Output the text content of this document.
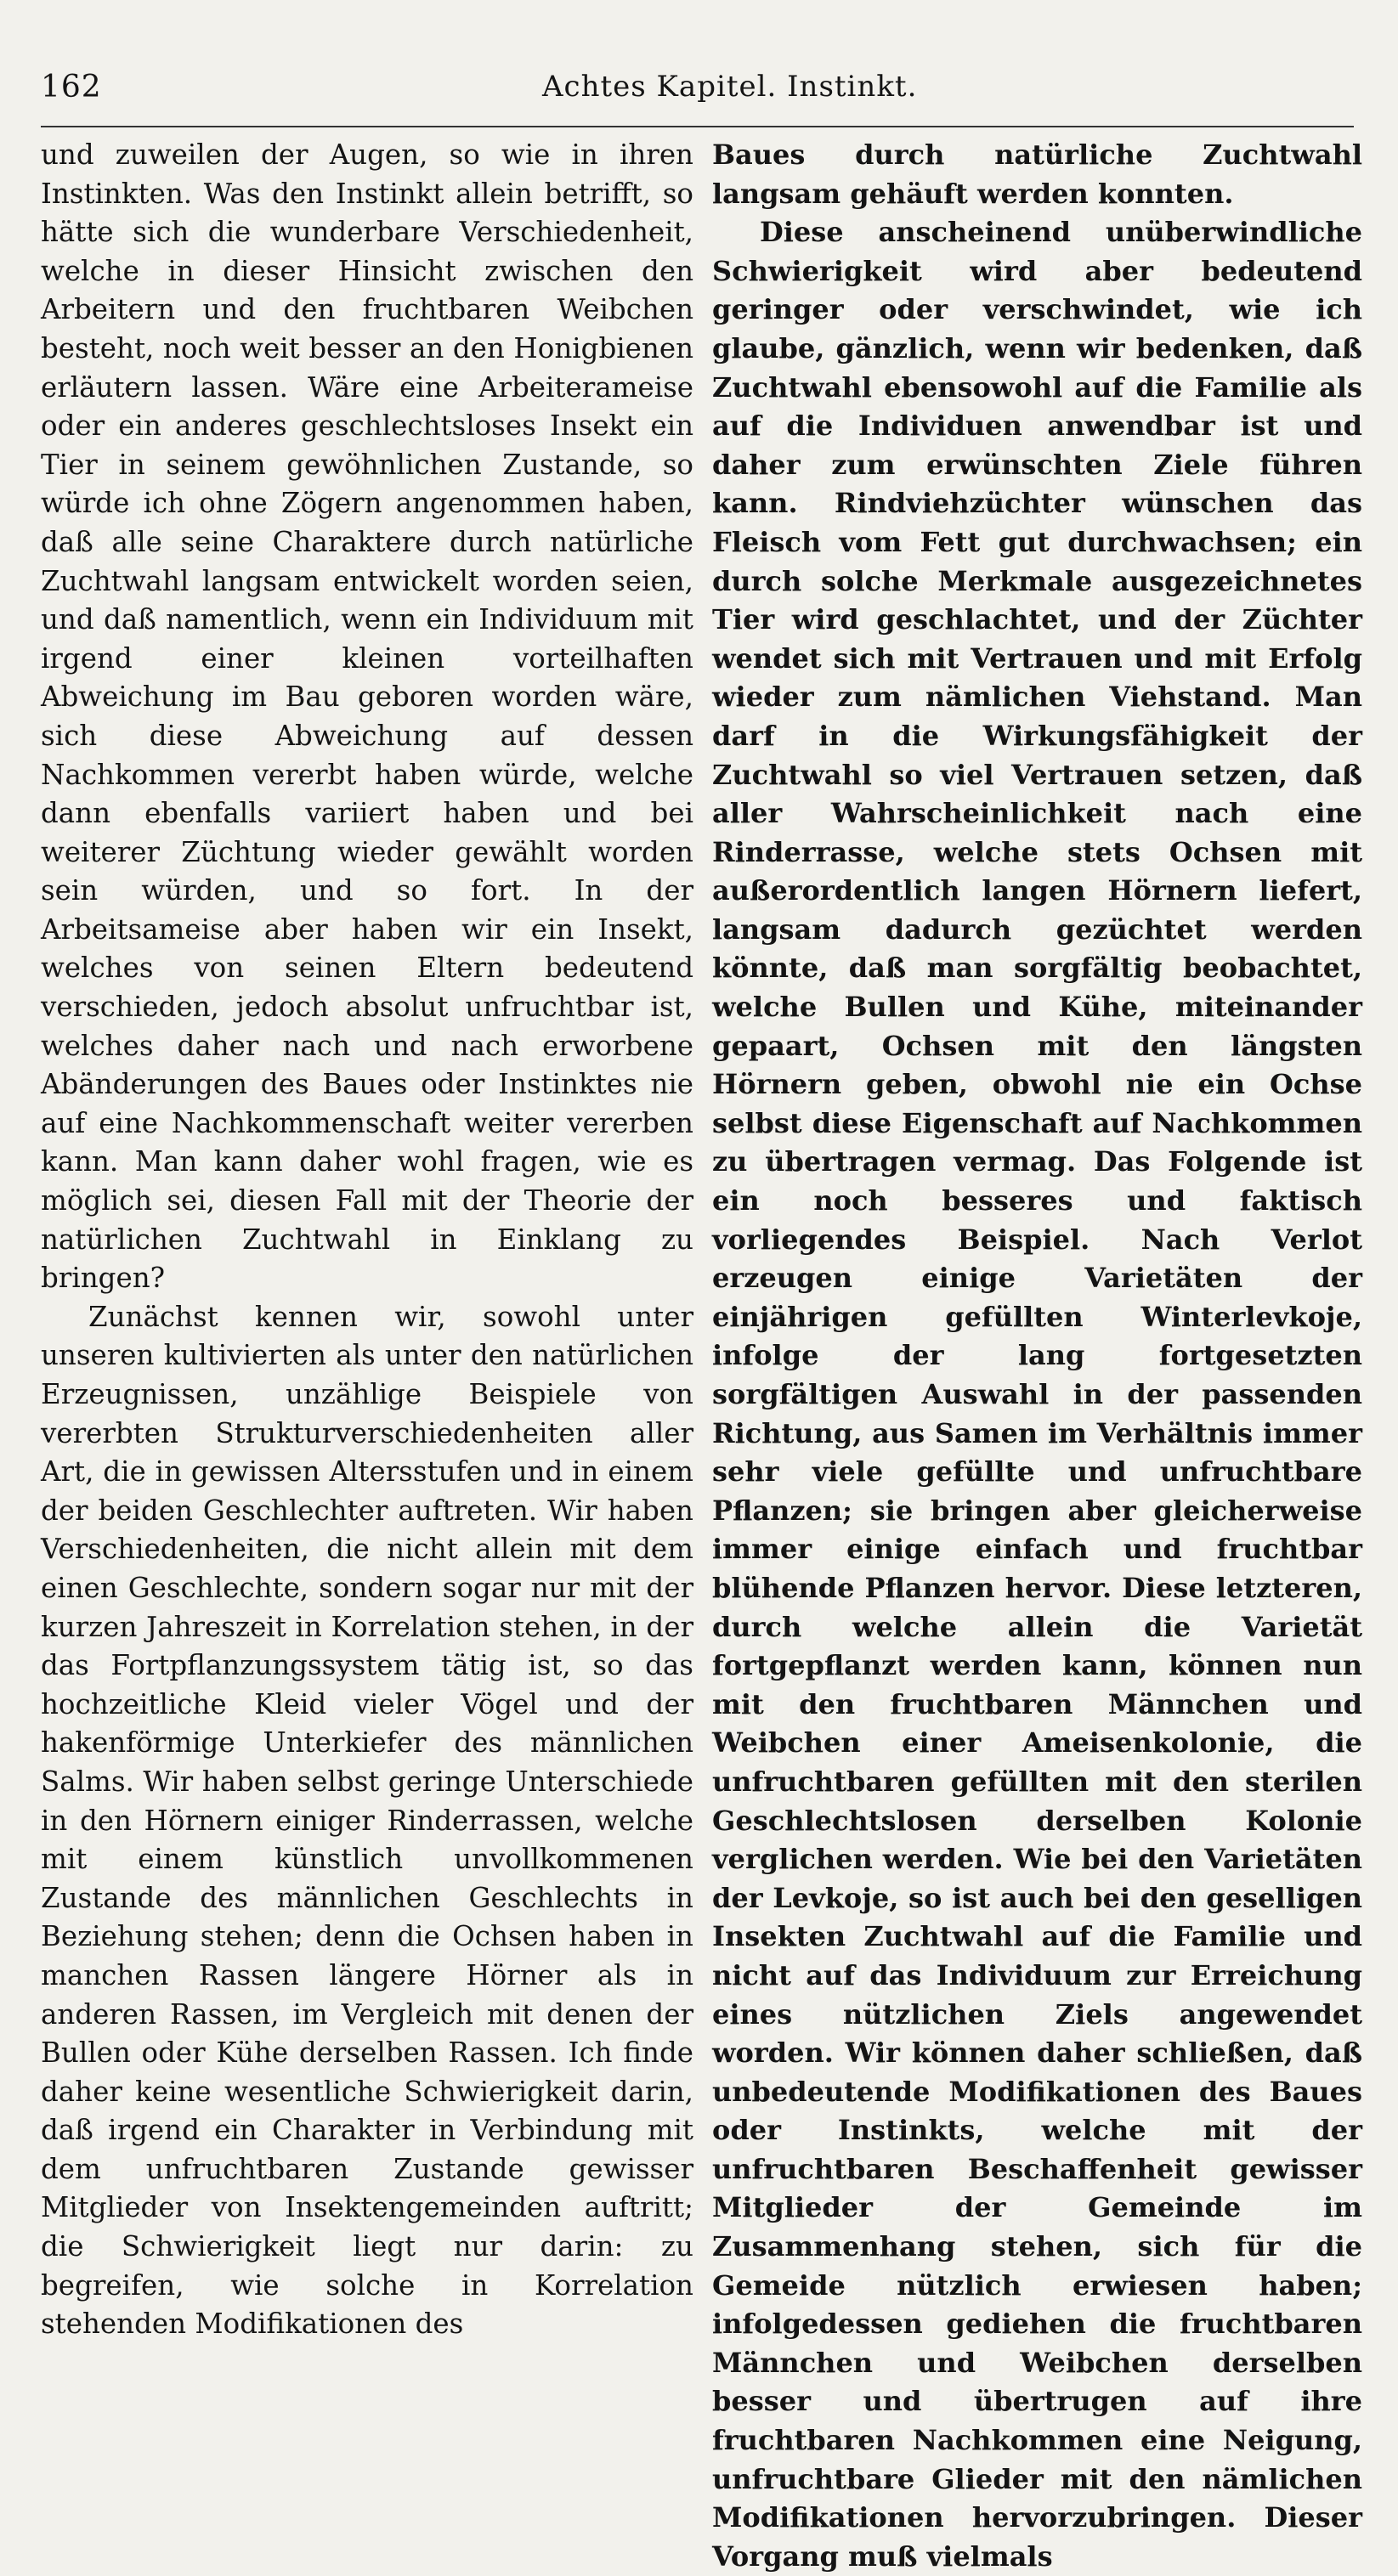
162	Achtes Kapitel. Instinkt.

und zuweilen der Augen, so wie in ihren Instinkten. Was den Instinkt allein betrifft, so hätte sich die wunderbare Verschiedenheit, welche in dieser Hinsicht zwischen den Arbeitern und den fruchtbaren Weibchen besteht, noch weit besser an den Honigbienen erläutern lassen. Wäre eine Arbeiterameise oder ein anderes geschlechtsloses Insekt ein Tier in seinem gewöhnlichen Zustande, so würde ich ohne Zögern angenommen haben, daß alle seine Charaktere durch natürliche Zuchtwahl langsam entwickelt worden seien, und daß namentlich, wenn ein Individuum mit irgend einer kleinen vorteilhaften Abweichung im Bau geboren worden wäre, sich diese Abweichung auf dessen Nachkommen vererbt haben würde, welche dann ebenfalls variiert haben und bei weiterer Züchtung wieder gewählt worden sein würden, und so fort. In der Arbeitsameise aber haben wir ein Insekt, welches von seinen Eltern bedeutend verschieden, jedoch absolut unfruchtbar ist, welches daher nach und nach erworbene Abänderungen des Baues oder Instinktes nie auf eine Nachkommenschaft weiter vererben kann. Man kann daher wohl fragen, wie es möglich sei, diesen Fall mit der Theorie der natürlichen Zuchtwahl in Einklang zu bringen?

Zunächst kennen wir, sowohl unter unseren kultivierten als unter den natürlichen Erzeugnissen, unzählige Beispiele von vererbten Strukturverschiedenheiten aller Art, die in gewissen Altersstufen und in einem der beiden Geschlechter auftreten. Wir haben Verschiedenheiten, die nicht allein mit dem einen Geschlechte, sondern sogar nur mit der kurzen Jahreszeit in Korrelation stehen, in der das Fortpflanzungssystem tätig ist, so das hochzeitliche Kleid vieler Vögel und der hakenförmige Unterkiefer des männlichen Salms. Wir haben selbst geringe Unterschiede in den Hörnern einiger Rinderrassen, welche mit einem künstlich unvollkommenen Zustande des männlichen Geschlechts in Beziehung stehen; denn die Ochsen haben in manchen Rassen längere Hörner als in anderen Rassen, im Vergleich mit denen der Bullen oder Kühe derselben Rassen. Ich finde daher keine wesentliche Schwierigkeit darin, daß irgend ein Charakter in Verbindung mit dem unfruchtbaren Zustande gewisser Mitglieder von Insektengemeinden auftritt; die Schwierigkeit liegt nur darin: zu begreifen, wie solche in Korrelation stehenden Modifikationen des

Baues durch natürliche Zuchtwahl langsam gehäuft werden konnten.

Diese anscheinend unüberwindliche Schwierigkeit wird aber bedeutend geringer oder verschwindet, wie ich glaube, gänzlich, wenn wir bedenken, daß Zuchtwahl ebensowohl auf die Familie als auf die Individuen anwendbar ist und daher zum erwünschten Ziele führen kann. Rindviehzüchter wünschen das Fleisch vom Fett gut durchwachsen; ein durch solche Merkmale ausgezeichnetes Tier wird geschlachtet, und der Züchter wendet sich mit Vertrauen und mit Erfolg wieder zum nämlichen Viehstand. Man darf in die Wirkungsfähigkeit der Zuchtwahl so viel Vertrauen setzen, daß aller Wahrscheinlichkeit nach eine Rinderrasse, welche stets Ochsen mit außerordentlich langen Hörnern liefert, langsam dadurch gezüchtet werden könnte, daß man sorgfältig beobachtet, welche Bullen und Kühe, miteinander gepaart, Ochsen mit den längsten Hörnern geben, obwohl nie ein Ochse selbst diese Eigenschaft auf Nachkommen zu übertragen vermag. Das Folgende ist ein noch besseres und faktisch vorliegendes Beispiel. Nach Verlot erzeugen einige Varietäten der einjährigen gefüllten Winterlevkoje, infolge der lang fortgesetzten sorgfältigen Auswahl in der passenden Richtung, aus Samen im Verhältnis immer sehr viele gefüllte und unfruchtbare Pflanzen; sie bringen aber gleicherweise immer einige einfach und fruchtbar blühende Pflanzen hervor. Diese letzteren, durch welche allein die Varietät fortgepflanzt werden kann, können nun mit den fruchtbaren Männchen und Weibchen einer Ameisenkolonie, die unfruchtbaren gefüllten mit den sterilen Geschlechtslosen derselben Kolonie verglichen werden. Wie bei den Varietäten der Levkoje, so ist auch bei den geselligen Insekten Zuchtwahl auf die Familie und nicht auf das Individuum zur Erreichung eines nützlichen Ziels angewendet worden. Wir können daher schließen, daß unbedeutende Modifikationen des Baues oder Instinkts, welche mit der unfruchtbaren Beschaffenheit gewisser Mitglieder der Gemeinde im Zusammenhang stehen, sich für die Gemeide nützlich erwiesen haben; infolgedessen gediehen die fruchtbaren Männchen und Weibchen derselben besser und übertrugen auf ihre fruchtbaren Nachkommen eine Neigung, unfruchtbare Glieder mit den nämlichen Modifikationen hervorzubringen. Dieser Vorgang muß vielmals
